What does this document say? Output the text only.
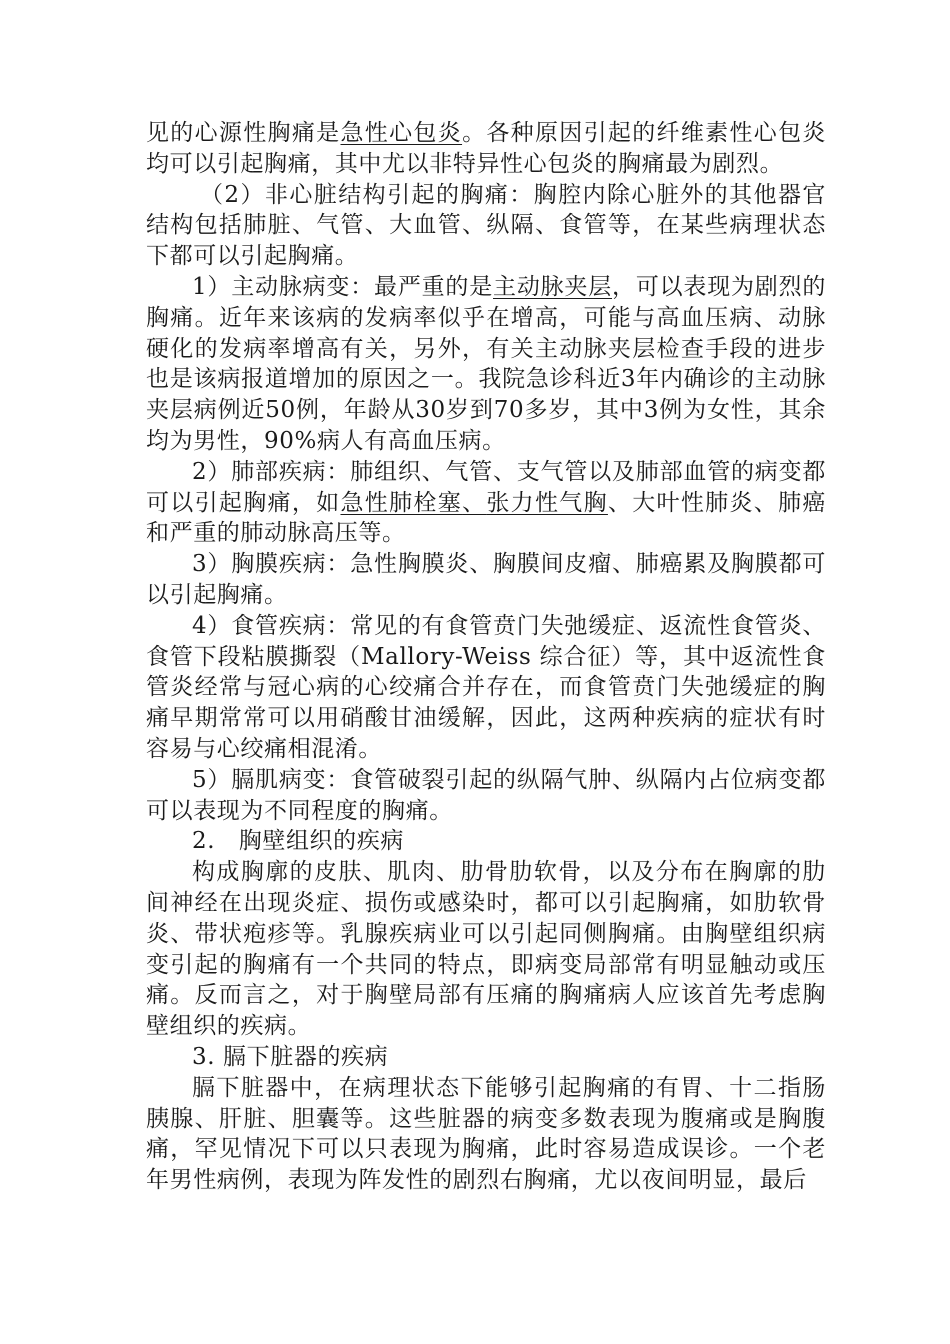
见的心源性胸痛是急性心包炎。各种原因引起的纤维素性心包炎均可以引起胸痛，其中尤以非特异性心包炎的胸痛最为剧烈。

（2）非心脏结构引起的胸痛：胸腔内除心脏外的其他器官结构包括肺脏、气管、大血管、纵隔、食管等，在某些病理状态下都可以引起胸痛。

1）主动脉病变：最严重的是主动脉夹层，可以表现为剧烈的胸痛。近年来该病的发病率似乎在增高，可能与高血压病、动脉硬化的发病率增高有关，另外，有关主动脉夹层检查手段的进步也是该病报道增加的原因之一。我院急诊科近3年内确诊的主动脉夹层病例近50例，年龄从30岁到70多岁，其中3例为女性，其余均为男性，90%病人有高血压病。

2）肺部疾病：肺组织、气管、支气管以及肺部血管的病变都可以引起胸痛，如急性肺栓塞、张力性气胸、大叶性肺炎、肺癌和严重的肺动脉高压等。

3）胸膜疾病：急性胸膜炎、胸膜间皮瘤、肺癌累及胸膜都可以引起胸痛。

4）食管疾病：常见的有食管贲门失弛缓症、返流性食管炎、食管下段粘膜撕裂（Mallory-Weiss 综合征）等，其中返流性食管炎经常与冠心病的心绞痛合并存在，而食管贲门失弛缓症的胸痛早期常常可以用硝酸甘油缓解，因此，这两种疾病的症状有时容易与心绞痛相混淆。

5）膈肌病变：食管破裂引起的纵隔气肿、纵隔内占位病变都可以表现为不同程度的胸痛。

2.　胸壁组织的疾病

构成胸廓的皮肤、肌肉、肋骨肋软骨，以及分布在胸廓的肋间神经在出现炎症、损伤或感染时，都可以引起胸痛，如肋软骨炎、带状疱疹等。乳腺疾病业可以引起同侧胸痛。由胸壁组织病变引起的胸痛有一个共同的特点，即病变局部常有明显触动或压痛。反而言之，对于胸壁局部有压痛的胸痛病人应该首先考虑胸壁组织的疾病。

3. 膈下脏器的疾病

膈下脏器中，在病理状态下能够引起胸痛的有胃、十二指肠胰腺、肝脏、胆囊等。这些脏器的病变多数表现为腹痛或是胸腹痛，罕见情况下可以只表现为胸痛，此时容易造成误诊。一个老年男性病例，表现为阵发性的剧烈右胸痛，尤以夜间明显，最后
